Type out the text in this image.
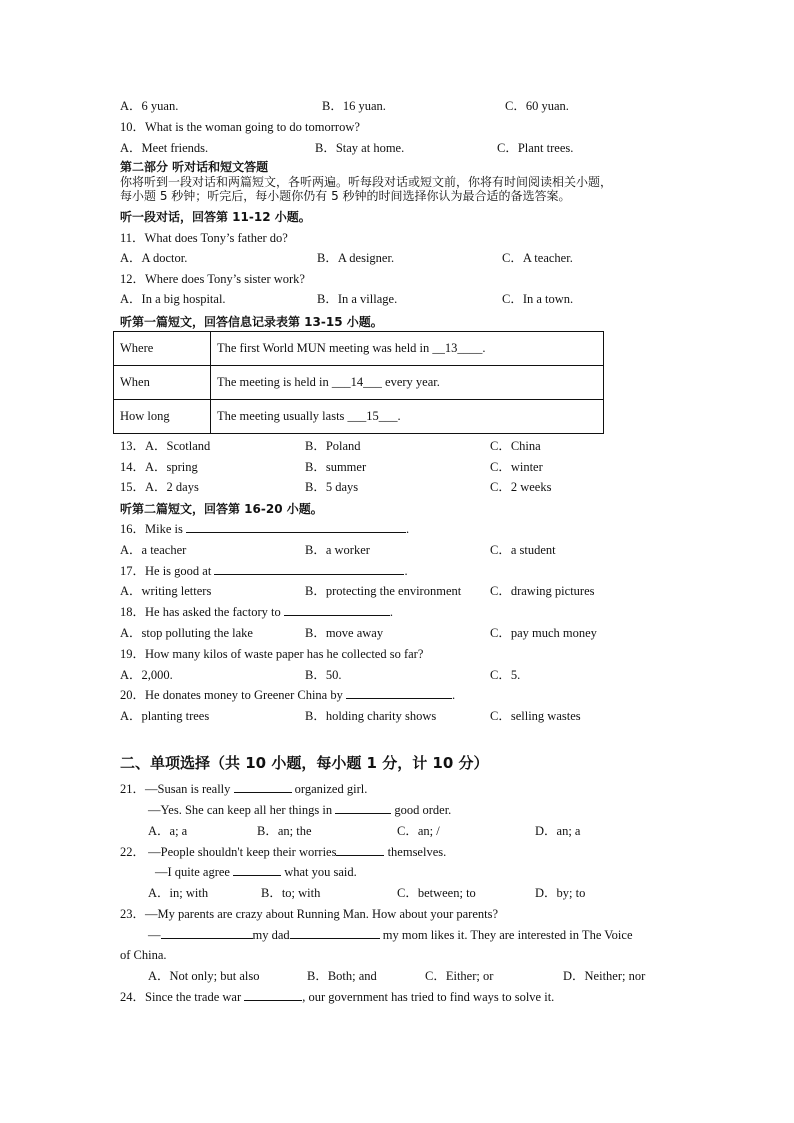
A．6 yuan.	B．16 yuan.	C．60 yuan.
10．What is the woman going to do tomorrow?
A．Meet friends.	B．Stay at home.	C．Plant trees.
第二部分 听对话和短文答题
你将听到一段对话和两篇短文，各听两遍。听每段对话或短文前，你将有时间阅读相关小题，
每小题 5 秒钟；听完后，每小题你仍有 5 秒钟的时间选择你认为最合适的备选答案。
听一段对话，回答第 11-12 小题。
11．What does Tony’s father do?
A．A doctor.	B．A designer.	C．A teacher.
12．Where does Tony’s sister work?
A．In a big hospital.	B．In a village.	C．In a town.
听第一篇短文，回答信息记录表第 13-15 小题。
Where	The first World MUN meeting was held in __13____.
When	The meeting is held in ___14___ every year.
How long	The meeting usually lasts ___15___.
13．A．Scotland	B．Poland	C．China
14．A．spring	B．summer	C．winter
15．A．2 days	B．5 days	C．2 weeks
听第二篇短文，回答第 16-20 小题。
16．Mike is	.
A．a teacher	B．a worker	C．a student
17．He is good at	.
A．writing letters	B．protecting the environment C．drawing pictures
18．He has asked the factory to	.
A．stop polluting the lake	B．move away	C．pay much money
19．How many kilos of waste paper has he collected so far?
A．2,000.	B．50.	C．5.
20．He donates money to Greener China by	.
A．planting trees	B．holding charity shows	C．selling wastes
二、单项选择（共 10 小题，每小题 1 分，计 10 分）
21．—Susan is really	organized girl.
—Yes. She can keep all her things in	good order.
A．a; a	B．an; the	C．an; /	D．an; a
22． —People shouldn't keep their worries	themselves.
—I quite agree	what you said.
A．in; with	B．to; with	C．between; to	D．by; to
23．—My parents are crazy about Running Man. How about your parents?
—	my dad	my mom likes it. They are interested in The Voice
of China.
A．Not only; but also	B．Both; and	C．Either; or	D．Neither; nor
24．Since the trade war	, our government has tried to find ways to solve it.
